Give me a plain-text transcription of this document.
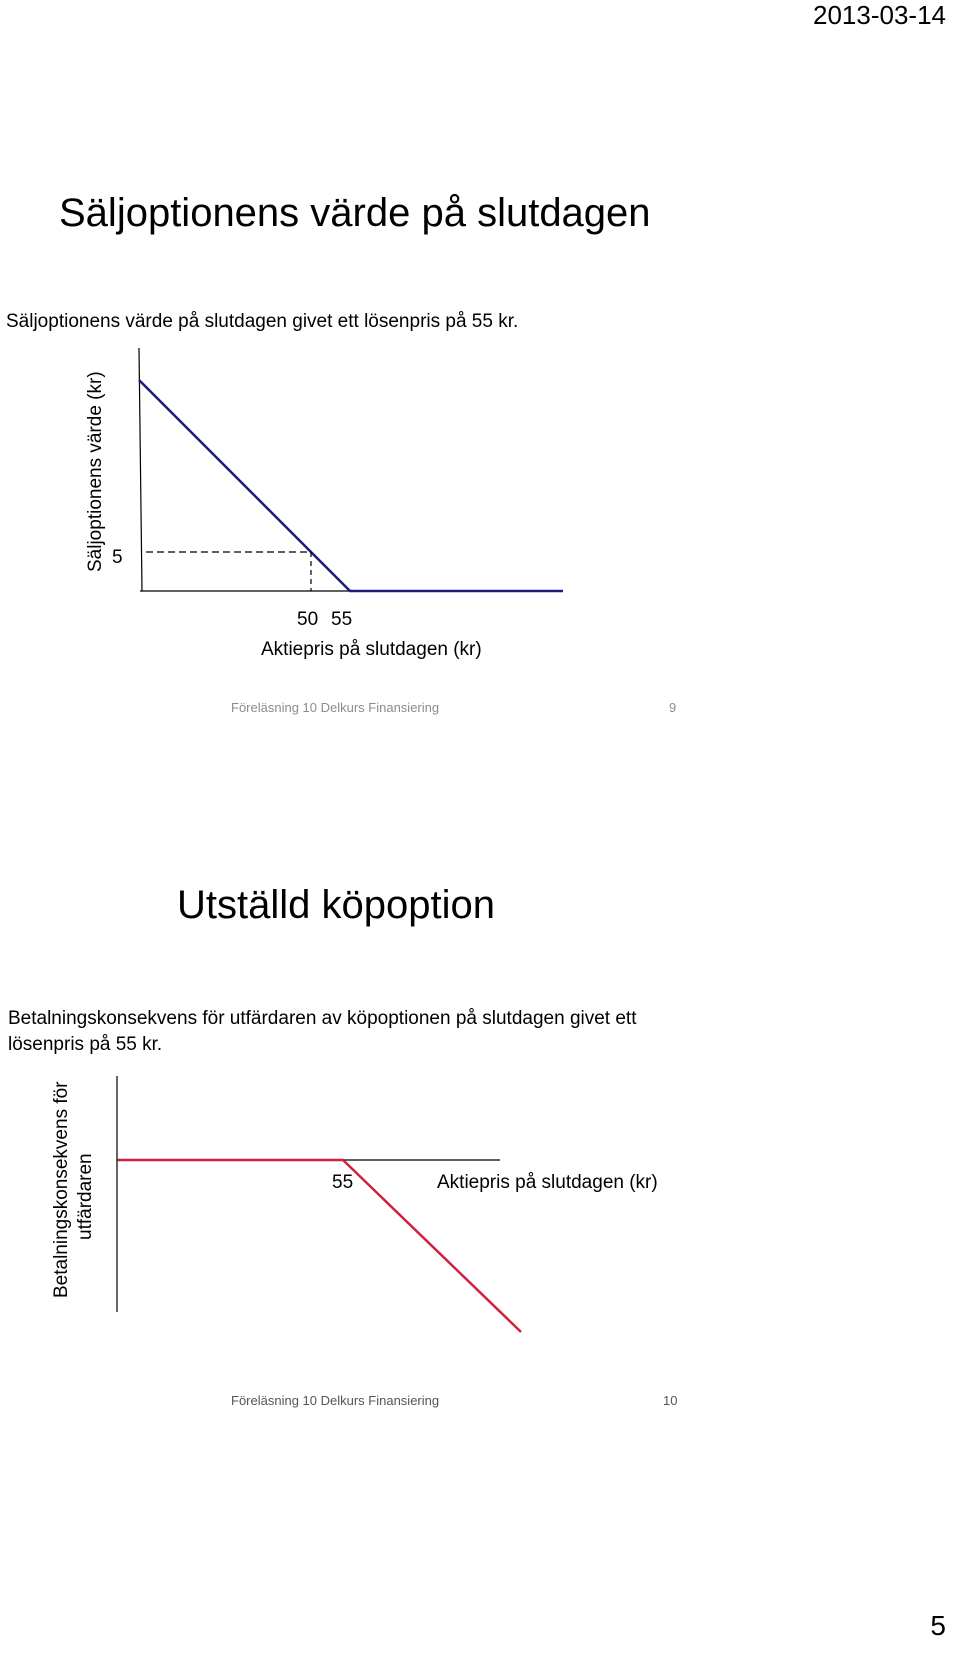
2013-03-14
Säljoptionens värde på slutdagen
Säljoptionens värde på slutdagen givet ett lösenpris på 55 kr.
Säljoptionens värde (kr) 5
50 55
Aktiepris på slutdagen (kr)
Föreläsning 10 Delkurs Finansiering	9
Utställd köpoption
Betalningskonsekvens för utfärdaren av köpoptionen på slutdagen givet ett
lösenpris på 55 kr.
Betalningskonsekvens för utfärdaren	55	Aktiepris på slutdagen (kr)
Föreläsning 10 Delkurs Finansiering	10
5
